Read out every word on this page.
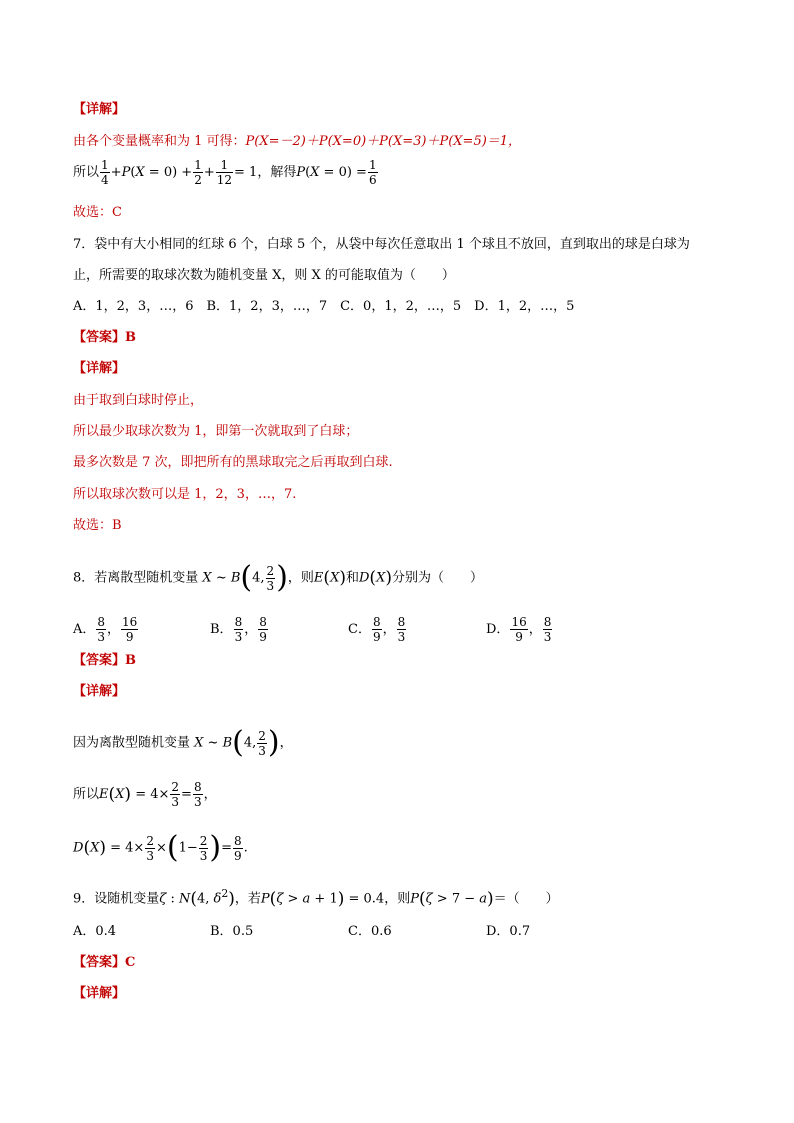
【详解】
由各个变量概率和为 1 可得：P(X=－2)＋P(X=0)＋P(X=3)＋P(X=5)＝1，
所以 $\frac{1}{4} +P(X = 0) + \frac{1}{2} + \frac{1}{12} = 1$，解得$P(X = 0) = \frac{1}{6}$
故选：C
7．袋中有大小相同的红球 6 个，白球 5 个，从袋中每次任意取出 1 个球且不放回，直到取出的球是白球为
止，所需要的取球次数为随机变量 X，则 X 的可能取值为（　　）
A．1，2，3，…，6　B．1，2，3，…，7　C．0，1，2，…，5　D．1，2，…，5
【答案】B
【详解】
由于取到白球时停止，
所以最少取球次数为 1，即第一次就取到了白球；
最多次数是 7 次，即把所有的黑球取完之后再取到白球.
所以取球次数可以是 1，2，3，…，7.
故选：B
8．若离散型随机变量 X ~ B(4, $\frac{2}{3}$ )，则E(X)和D(X)分别为（　　）
A． $\frac{8}{3}$ ， $\frac{16}{9}$	B． $\frac{8}{3}$ ， $\frac{8}{9}$	C． $\frac{8}{9}$ ， $\frac{8}{3}$	D． $\frac{16}{9}$ ， $\frac{8}{3}$
【答案】B
【详解】
因为离散型随机变量 X ~ B(4, $\frac{2}{3}$ )，
所以$E(X) = 4\times \frac{2}{3} = \frac{8}{3}$ ，
$D(X) = 4\times \frac{2}{3} \times(1- \frac{2}{3}$ )= $\frac{8}{9}$ .
9．设随机变量ζ : N(4, $\delta^2$)，若P(ζ > a + 1) = 0.4，则P(ζ > 7 − a)＝（　　）
A．0.4	B．0.5	C．0.6	D．0.7
【答案】C
【详解】
